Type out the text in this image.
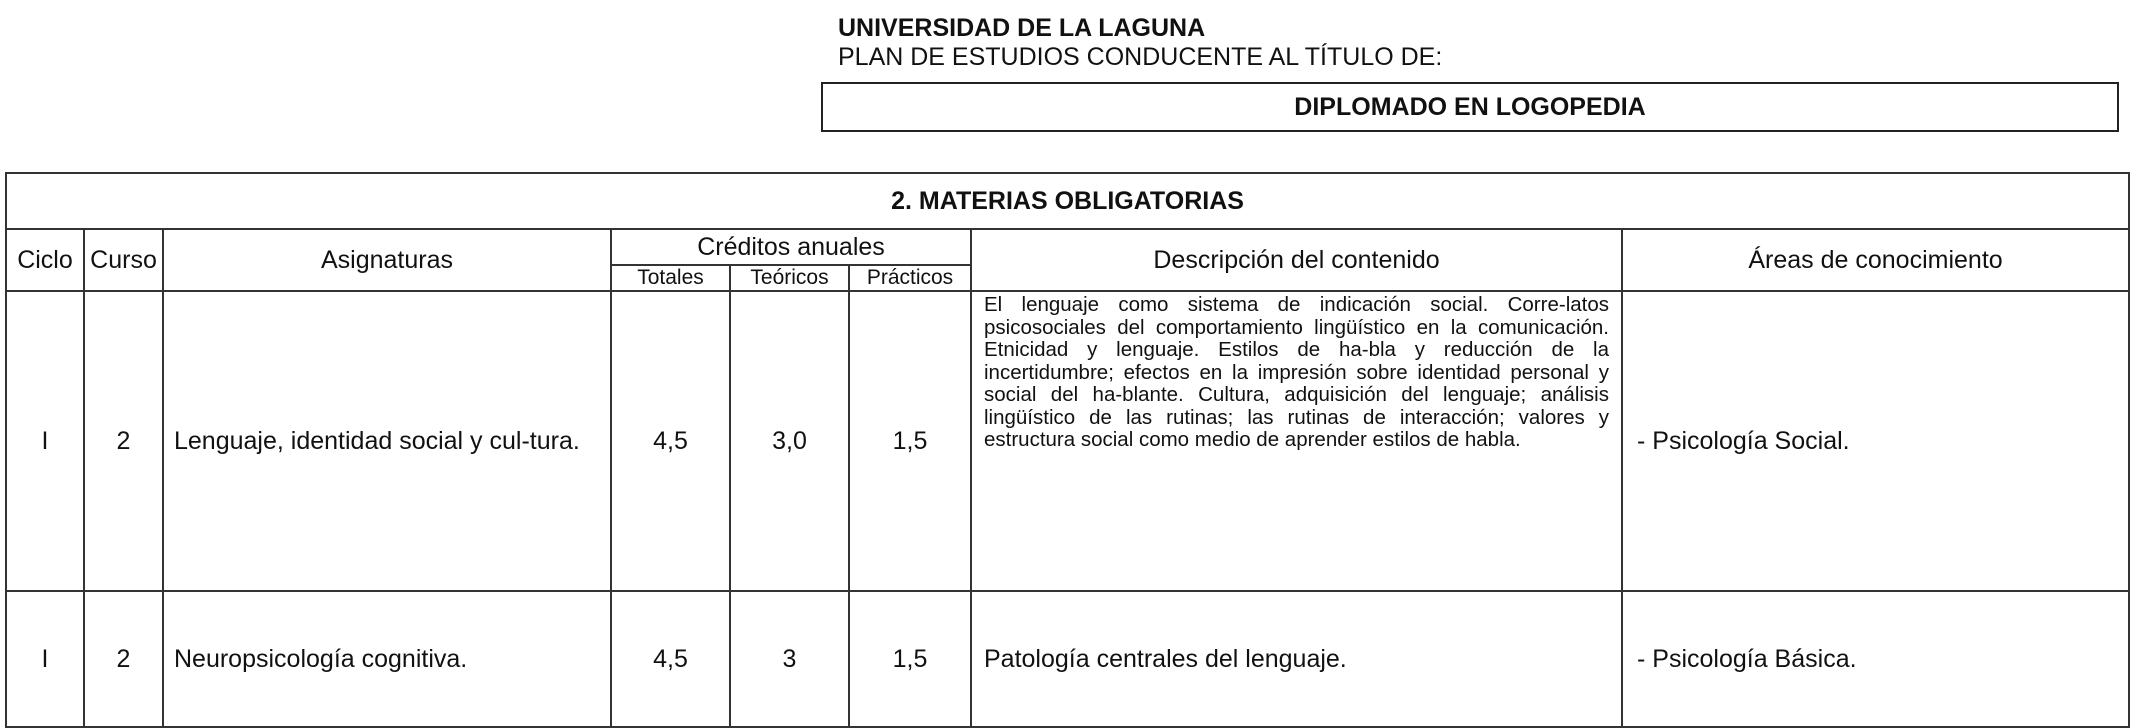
UNIVERSIDAD DE LA LAGUNA
PLAN DE ESTUDIOS CONDUCENTE AL TÍTULO DE:
DIPLOMADO EN LOGOPEDIA
2. MATERIAS OBLIGATORIAS							
Ciclo	Curso	Asignaturas	Créditos anuales			Descripción del contenido	Áreas de conocimiento
			Totales	Teóricos	Prácticos		
I	2	Lenguaje, identidad social y cul-tura.	4,5	3,0	1,5	El lenguaje como sistema de indicación social. Corre-latos psicosociales del comportamiento lingüístico en la comunicación. Etnicidad y lenguaje. Estilos de ha-bla y reducción de la incertidumbre; efectos en la impresión sobre identidad personal y social del ha-blante. Cultura, adquisición del lenguaje; análisis lingüístico de las rutinas; las rutinas de interacción; valores y estructura social como medio de aprender estilos de habla.	- Psicología Social.
I	2	Neuropsicología cognitiva.	4,5	3	1,5	Patología centrales del lenguaje.	- Psicología Básica.
